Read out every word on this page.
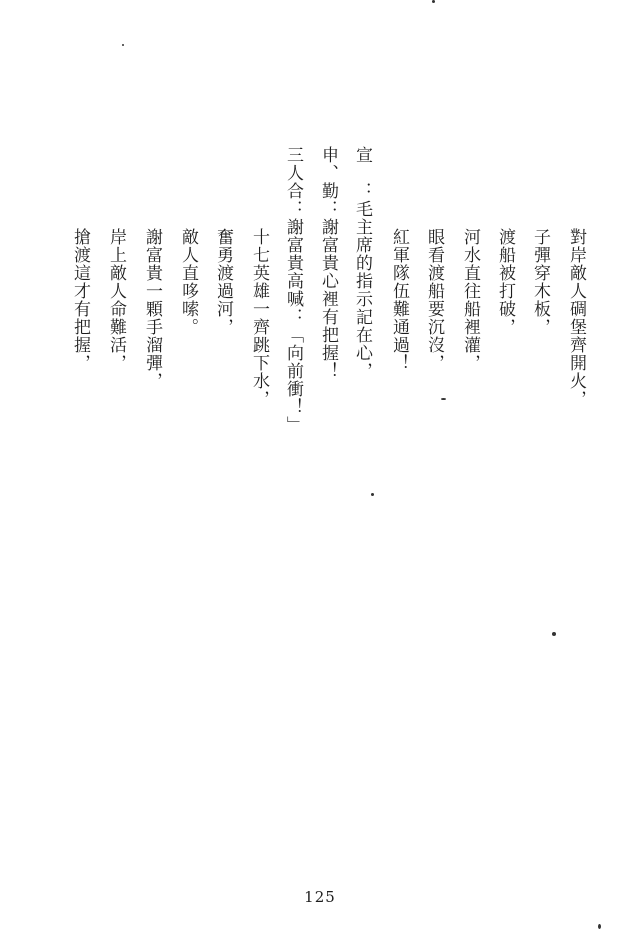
對岸敵人碉堡齊開火，
子彈穿木板，
渡船被打破，
河水直往船裡灌，
眼看渡船要沉沒，
紅軍隊伍難通過！
宣　：毛主席的指示記在心，
申、勤：謝富貴心裡有把握！
三人合：謝富貴高喊：「向前衝！」
十七英雄一齊跳下水，
奮勇渡過河，
敵人直哆嗦。
謝富貴一顆手溜彈，
岸上敵人命難活，
搶渡這才有把握，
125
